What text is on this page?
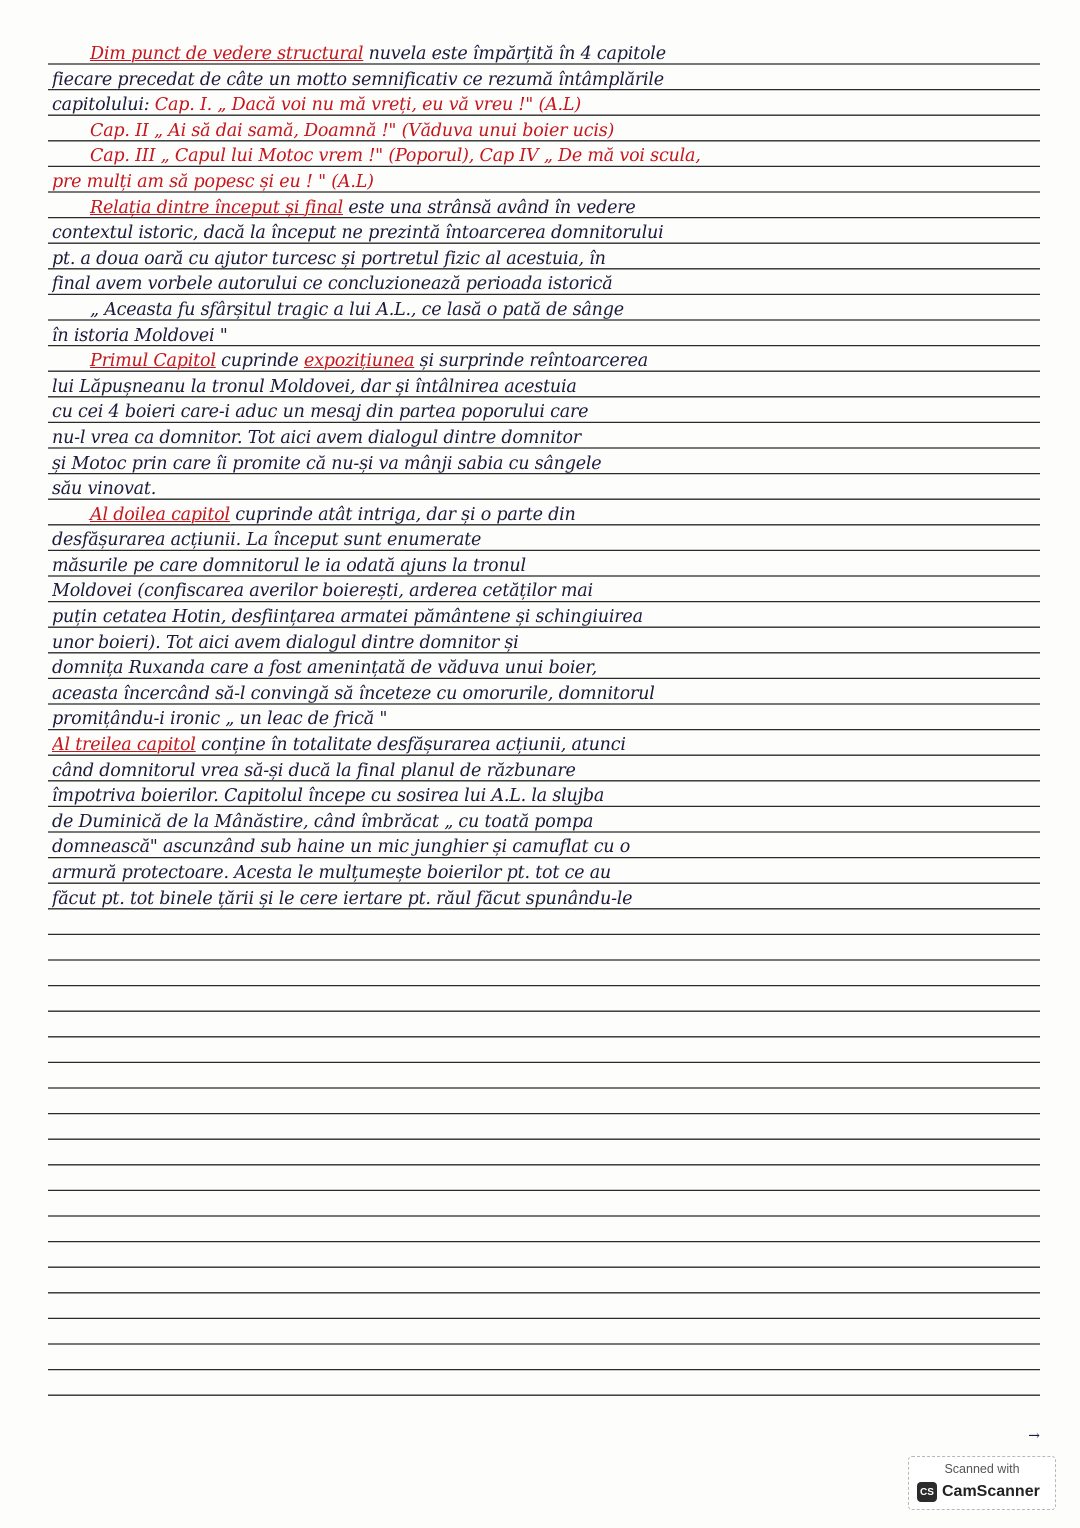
Dim punct de vedere structural nuvela este împărțită în 4 capitole
fiecare precedat de câte un motto semnificativ ce rezumă întâmplările
capitolului: Cap. I. „ Dacă voi nu mă vreți, eu vă vreu !" (A.L)
Cap. II „ Ai să dai samă, Doamnă !" (Văduva unui boier ucis)
Cap. III „ Capul lui Motoc vrem !" (Poporul), Cap IV „ De mă voi scula,
pre mulți am să popesc și eu ! " (A.L)
Relația dintre început și final este una strânsă având în vedere
contextul istoric, dacă la început ne prezintă întoarcerea domnitorului
pt. a doua oară cu ajutor turcesc și portretul fizic al acestuia, în
final avem vorbele autorului ce concluzionează perioada istorică
„ Aceasta fu sfârșitul tragic a lui A.L., ce lasă o pată de sânge
în istoria Moldovei "
Primul Capitol cuprinde expozițiunea și surprinde reîntoarcerea
lui Lăpușneanu la tronul Moldovei, dar și întâlnirea acestuia
cu cei 4 boieri care-i aduc un mesaj din partea poporului care
nu-l vrea ca domnitor. Tot aici avem dialogul dintre domnitor
și Motoc prin care îi promite că nu-și va mânji sabia cu sângele
său vinovat.
Al doilea capitol cuprinde atât intriga, dar și o parte din
desfășurarea acțiunii. La început sunt enumerate
măsurile pe care domnitorul le ia odată ajuns la tronul
Moldovei (confiscarea averilor boierești, arderea cetăților mai
puțin cetatea Hotin, desființarea armatei pământene și schingiuirea
unor boieri). Tot aici avem dialogul dintre domnitor și
domnița Ruxanda care a fost amenințată de văduva unui boier,
aceasta încercând să-l convingă să înceteze cu omorurile, domnitorul
promițându-i ironic „ un leac de frică "
Al treilea capitol conține în totalitate desfășurarea acțiunii, atunci
când domnitorul vrea să-și ducă la final planul de răzbunare
împotriva boierilor. Capitolul începe cu sosirea lui A.L. la slujba
de Duminică de la Mânăstire, când îmbrăcat „ cu toată pompa
domnească" ascunzând sub haine un mic junghier și camuflat cu o
armură protectoare. Acesta le mulțumește boierilor pt. tot ce au
făcut pt. tot binele țării și le cere iertare pt. răul făcut spunându-le
→
Scanned with
CS CamScanner
